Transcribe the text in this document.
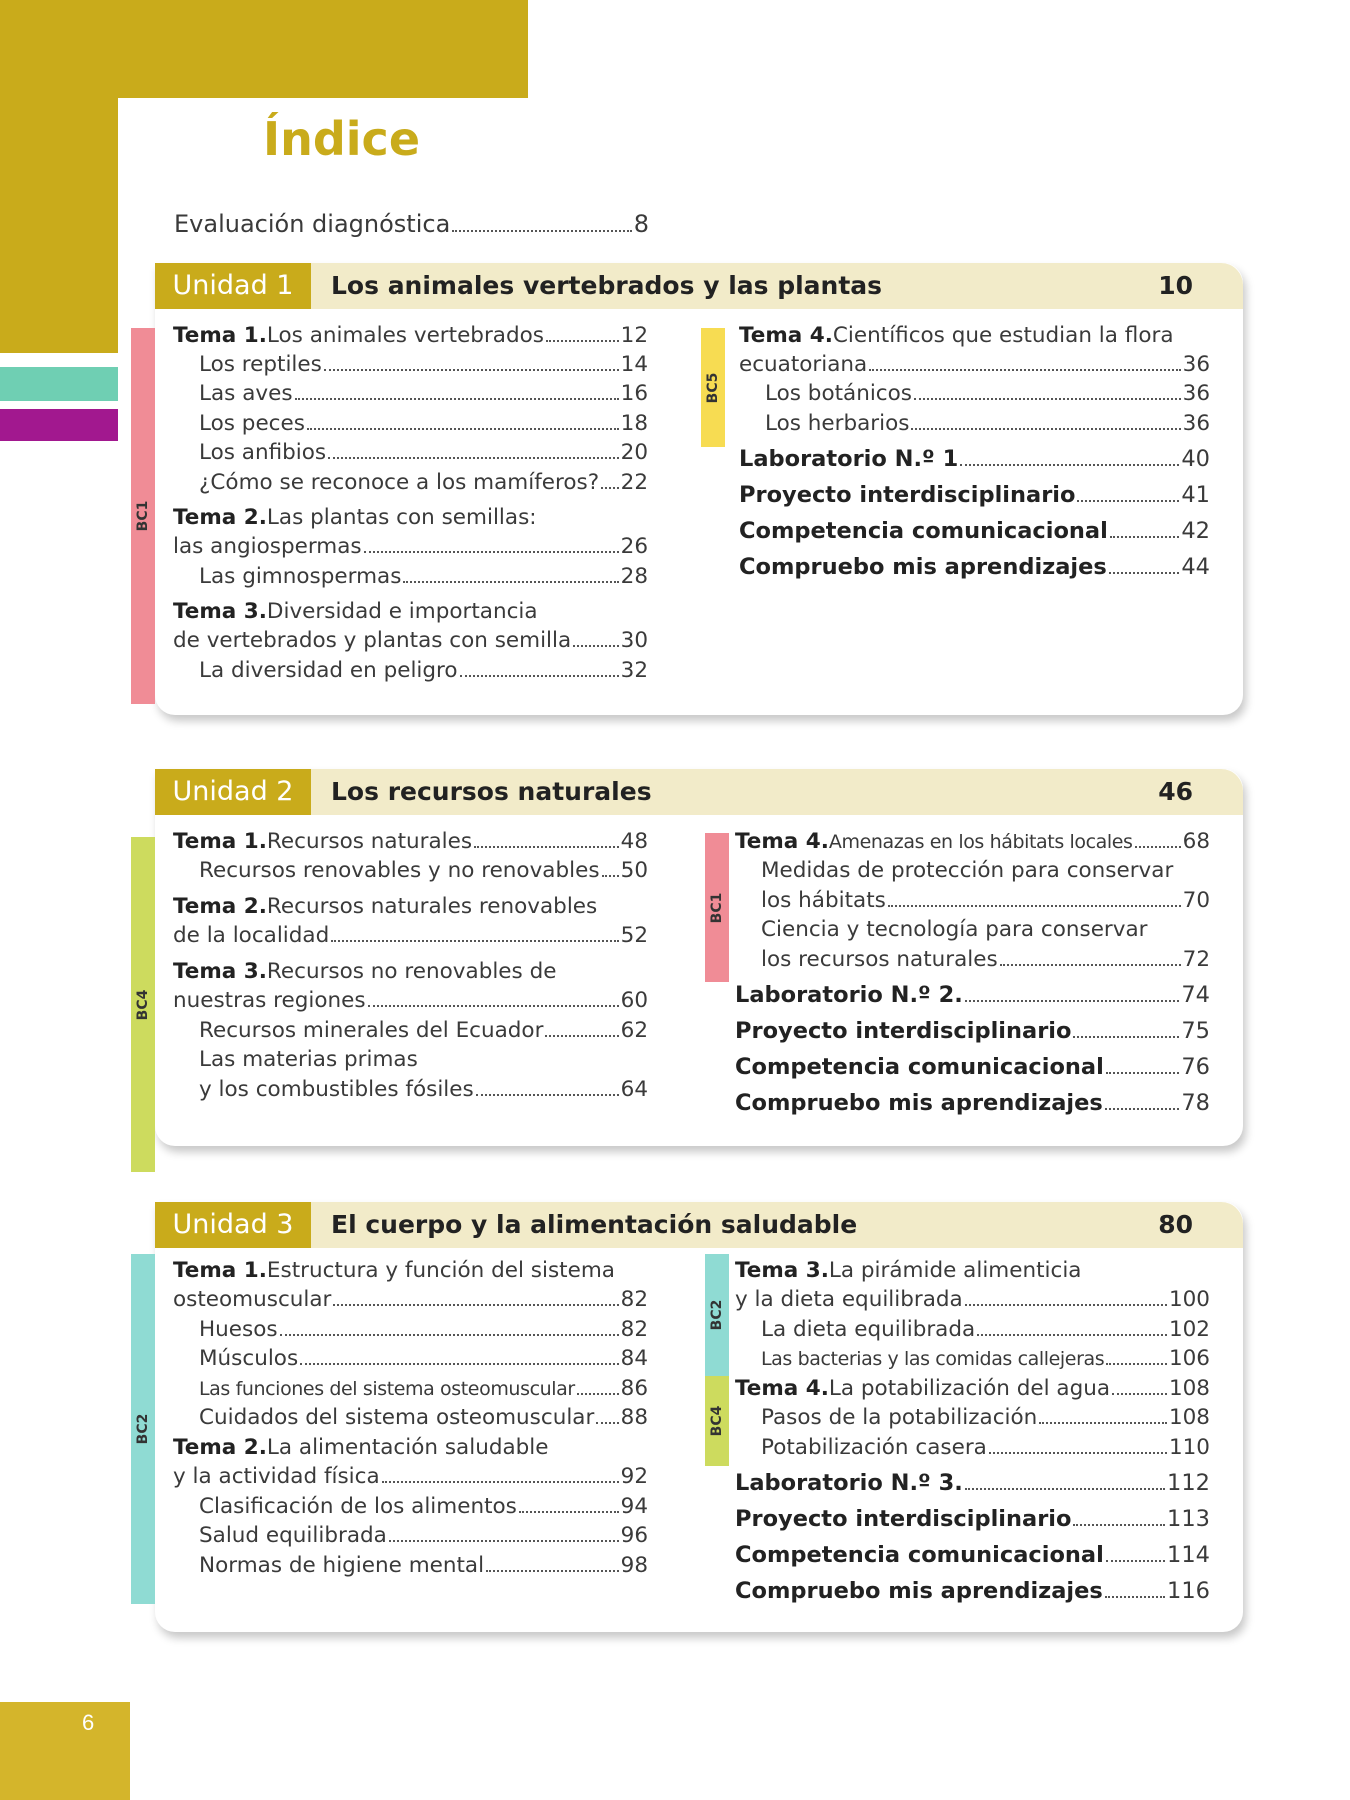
Índice
Evaluación diagnóstica	8
Unidad 1	Los animales vertebrados y las plantas	10
BC1
BC5
Tema 1. Los animales vertebrados	12
Los reptiles	14
Las aves	16
Los peces	18
Los anfibios	20
¿Cómo se reconoce a los mamíferos? 22
Tema 2. Las plantas con semillas:
las angiospermas	26
Las gimnospermas	28
Tema 3. Diversidad e importancia
de vertebrados y plantas con semilla 30
La diversidad en peligro	32
Tema 4. Científicos que estudian la flora
ecuatoriana	36
Los botánicos	36
Los herbarios	36
Laboratorio N.º 1	40
Proyecto interdisciplinario	41
Competencia comunicacional	42
Compruebo mis aprendizajes	44
Unidad 2	Los recursos naturales	46
BC4
BC1
Tema 1. Recursos naturales	48
Recursos renovables y no renovables 50
Tema 2. Recursos naturales renovables
de la localidad	52
Tema 3. Recursos no renovables de
nuestras regiones	60
Recursos minerales del Ecuador	62
Las materias primas
y los combustibles fósiles	64
Tema 4. Amenazas en los hábitats locales 68
Medidas de protección para conservar
los hábitats	70
Ciencia y tecnología para conservar
los recursos naturales	72
Laboratorio N.º 2.	74
Proyecto interdisciplinario	75
Competencia comunicacional	76
Compruebo mis aprendizajes	78
Unidad 3	El cuerpo y la alimentación saludable	80
BC2
BC2
BC4
Tema 1. Estructura y función del sistema
osteomuscular	82
Huesos	82
Músculos	84
Las funciones del sistema osteomuscular 86
Cuidados del sistema osteomuscular 88
Tema 2. La alimentación saludable
y la actividad física	92
Clasificación de los alimentos	94
Salud equilibrada	96
Normas de higiene mental	98
Tema 3. La pirámide alimenticia
y la dieta equilibrada	100
La dieta equilibrada	102
Las bacterias y las comidas callejeras	106
Tema 4. La potabilización del agua	108
Pasos de la potabilización	108
Potabilización casera	110
Laboratorio N.º 3.	112
Proyecto interdisciplinario	113
Competencia comunicacional	114
Compruebo mis aprendizajes	116
6
